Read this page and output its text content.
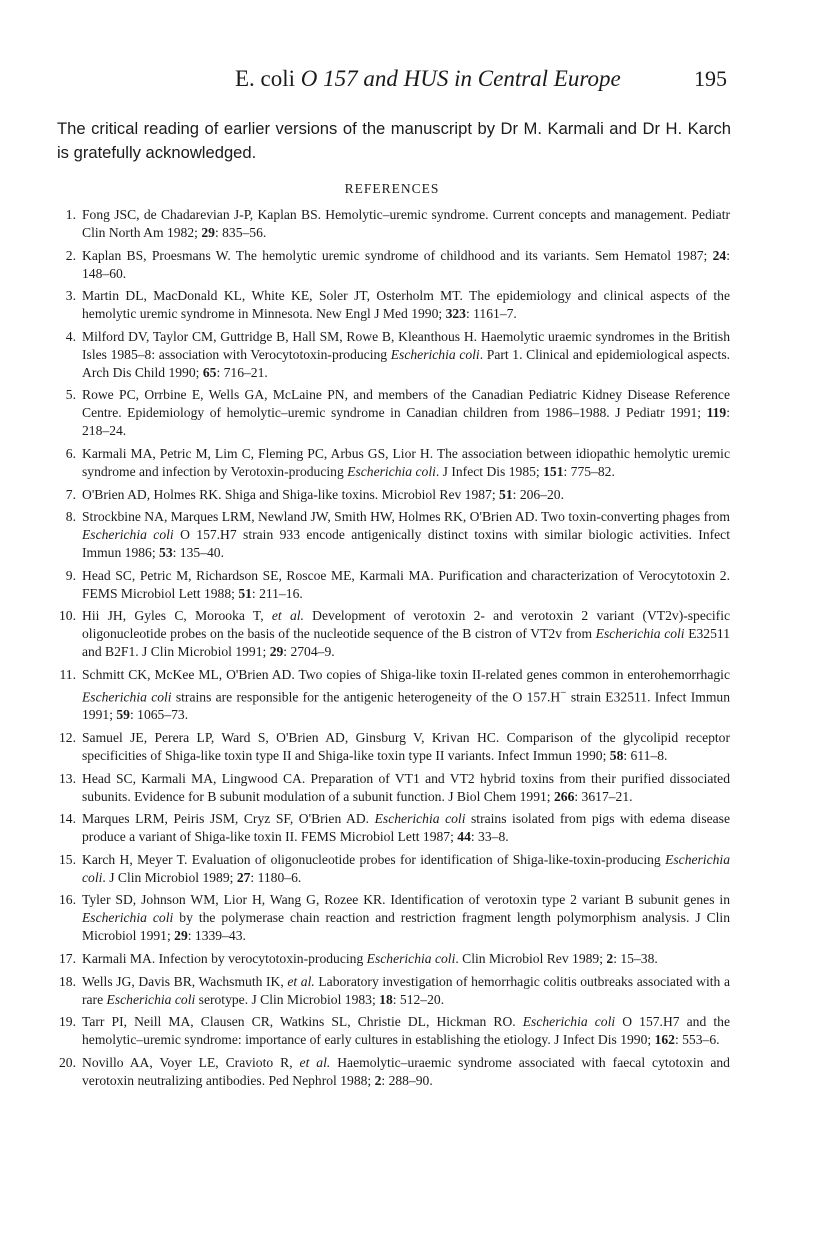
E. coli O 157 and HUS in Central Europe	195

The critical reading of earlier versions of the manuscript by Dr M. Karmali and Dr H. Karch is gratefully acknowledged.

REFERENCES
1. Fong JSC, de Chadarevian J-P, Kaplan BS. Hemolytic–uremic syndrome. Current concepts and management. Pediatr Clin North Am 1982; 29: 835–56.
2. Kaplan BS, Proesmans W. The hemolytic uremic syndrome of childhood and its variants. Sem Hematol 1987; 24: 148–60.
3. Martin DL, MacDonald KL, White KE, Soler JT, Osterholm MT. The epidemiology and clinical aspects of the hemolytic uremic syndrome in Minnesota. New Engl J Med 1990; 323: 1161–7.
4. Milford DV, Taylor CM, Guttridge B, Hall SM, Rowe B, Kleanthous H. Haemolytic uraemic syndromes in the British Isles 1985–8: association with Verocytotoxin-producing Escherichia coli. Part 1. Clinical and epidemiological aspects. Arch Dis Child 1990; 65: 716–21.
5. Rowe PC, Orrbine E, Wells GA, McLaine PN, and members of the Canadian Pediatric Kidney Disease Reference Centre. Epidemiology of hemolytic–uremic syndrome in Canadian children from 1986–1988. J Pediatr 1991; 119: 218–24.
6. Karmali MA, Petric M, Lim C, Fleming PC, Arbus GS, Lior H. The association between idiopathic hemolytic uremic syndrome and infection by Verotoxin-producing Escherichia coli. J Infect Dis 1985; 151: 775–82.
7. O'Brien AD, Holmes RK. Shiga and Shiga-like toxins. Microbiol Rev 1987; 51: 206–20.
8. Strockbine NA, Marques LRM, Newland JW, Smith HW, Holmes RK, O'Brien AD. Two toxin-converting phages from Escherichia coli O 157.H7 strain 933 encode antigenically distinct toxins with similar biologic activities. Infect Immun 1986; 53: 135–40.
9. Head SC, Petric M, Richardson SE, Roscoe ME, Karmali MA. Purification and characterization of Verocytotoxin 2. FEMS Microbiol Lett 1988; 51: 211–16.
10. Hii JH, Gyles C, Morooka T, et al. Development of verotoxin 2- and verotoxin 2 variant (VT2v)-specific oligonucleotide probes on the basis of the nucleotide sequence of the B cistron of VT2v from Escherichia coli E32511 and B2F1. J Clin Microbiol 1991; 29: 2704–9.
11. Schmitt CK, McKee ML, O'Brien AD. Two copies of Shiga-like toxin II-related genes common in enterohemorrhagic Escherichia coli strains are responsible for the antigenic heterogeneity of the O 157.H− strain E32511. Infect Immun 1991; 59: 1065–73.
12. Samuel JE, Perera LP, Ward S, O'Brien AD, Ginsburg V, Krivan HC. Comparison of the glycolipid receptor specificities of Shiga-like toxin type II and Shiga-like toxin type II variants. Infect Immun 1990; 58: 611–8.
13. Head SC, Karmali MA, Lingwood CA. Preparation of VT1 and VT2 hybrid toxins from their purified dissociated subunits. Evidence for B subunit modulation of a subunit function. J Biol Chem 1991; 266: 3617–21.
14. Marques LRM, Peiris JSM, Cryz SF, O'Brien AD. Escherichia coli strains isolated from pigs with edema disease produce a variant of Shiga-like toxin II. FEMS Microbiol Lett 1987; 44: 33–8.
15. Karch H, Meyer T. Evaluation of oligonucleotide probes for identification of Shiga-like-toxin-producing Escherichia coli. J Clin Microbiol 1989; 27: 1180–6.
16. Tyler SD, Johnson WM, Lior H, Wang G, Rozee KR. Identification of verotoxin type 2 variant B subunit genes in Escherichia coli by the polymerase chain reaction and restriction fragment length polymorphism analysis. J Clin Microbiol 1991; 29: 1339–43.
17. Karmali MA. Infection by verocytotoxin-producing Escherichia coli. Clin Microbiol Rev 1989; 2: 15–38.
18. Wells JG, Davis BR, Wachsmuth IK, et al. Laboratory investigation of hemorrhagic colitis outbreaks associated with a rare Escherichia coli serotype. J Clin Microbiol 1983; 18: 512–20.
19. Tarr PI, Neill MA, Clausen CR, Watkins SL, Christie DL, Hickman RO. Escherichia coli O 157.H7 and the hemolytic–uremic syndrome: importance of early cultures in establishing the etiology. J Infect Dis 1990; 162: 553–6.
20. Novillo AA, Voyer LE, Cravioto R, et al. Haemolytic–uraemic syndrome associated with faecal cytotoxin and verotoxin neutralizing antibodies. Ped Nephrol 1988; 2: 288–90.
